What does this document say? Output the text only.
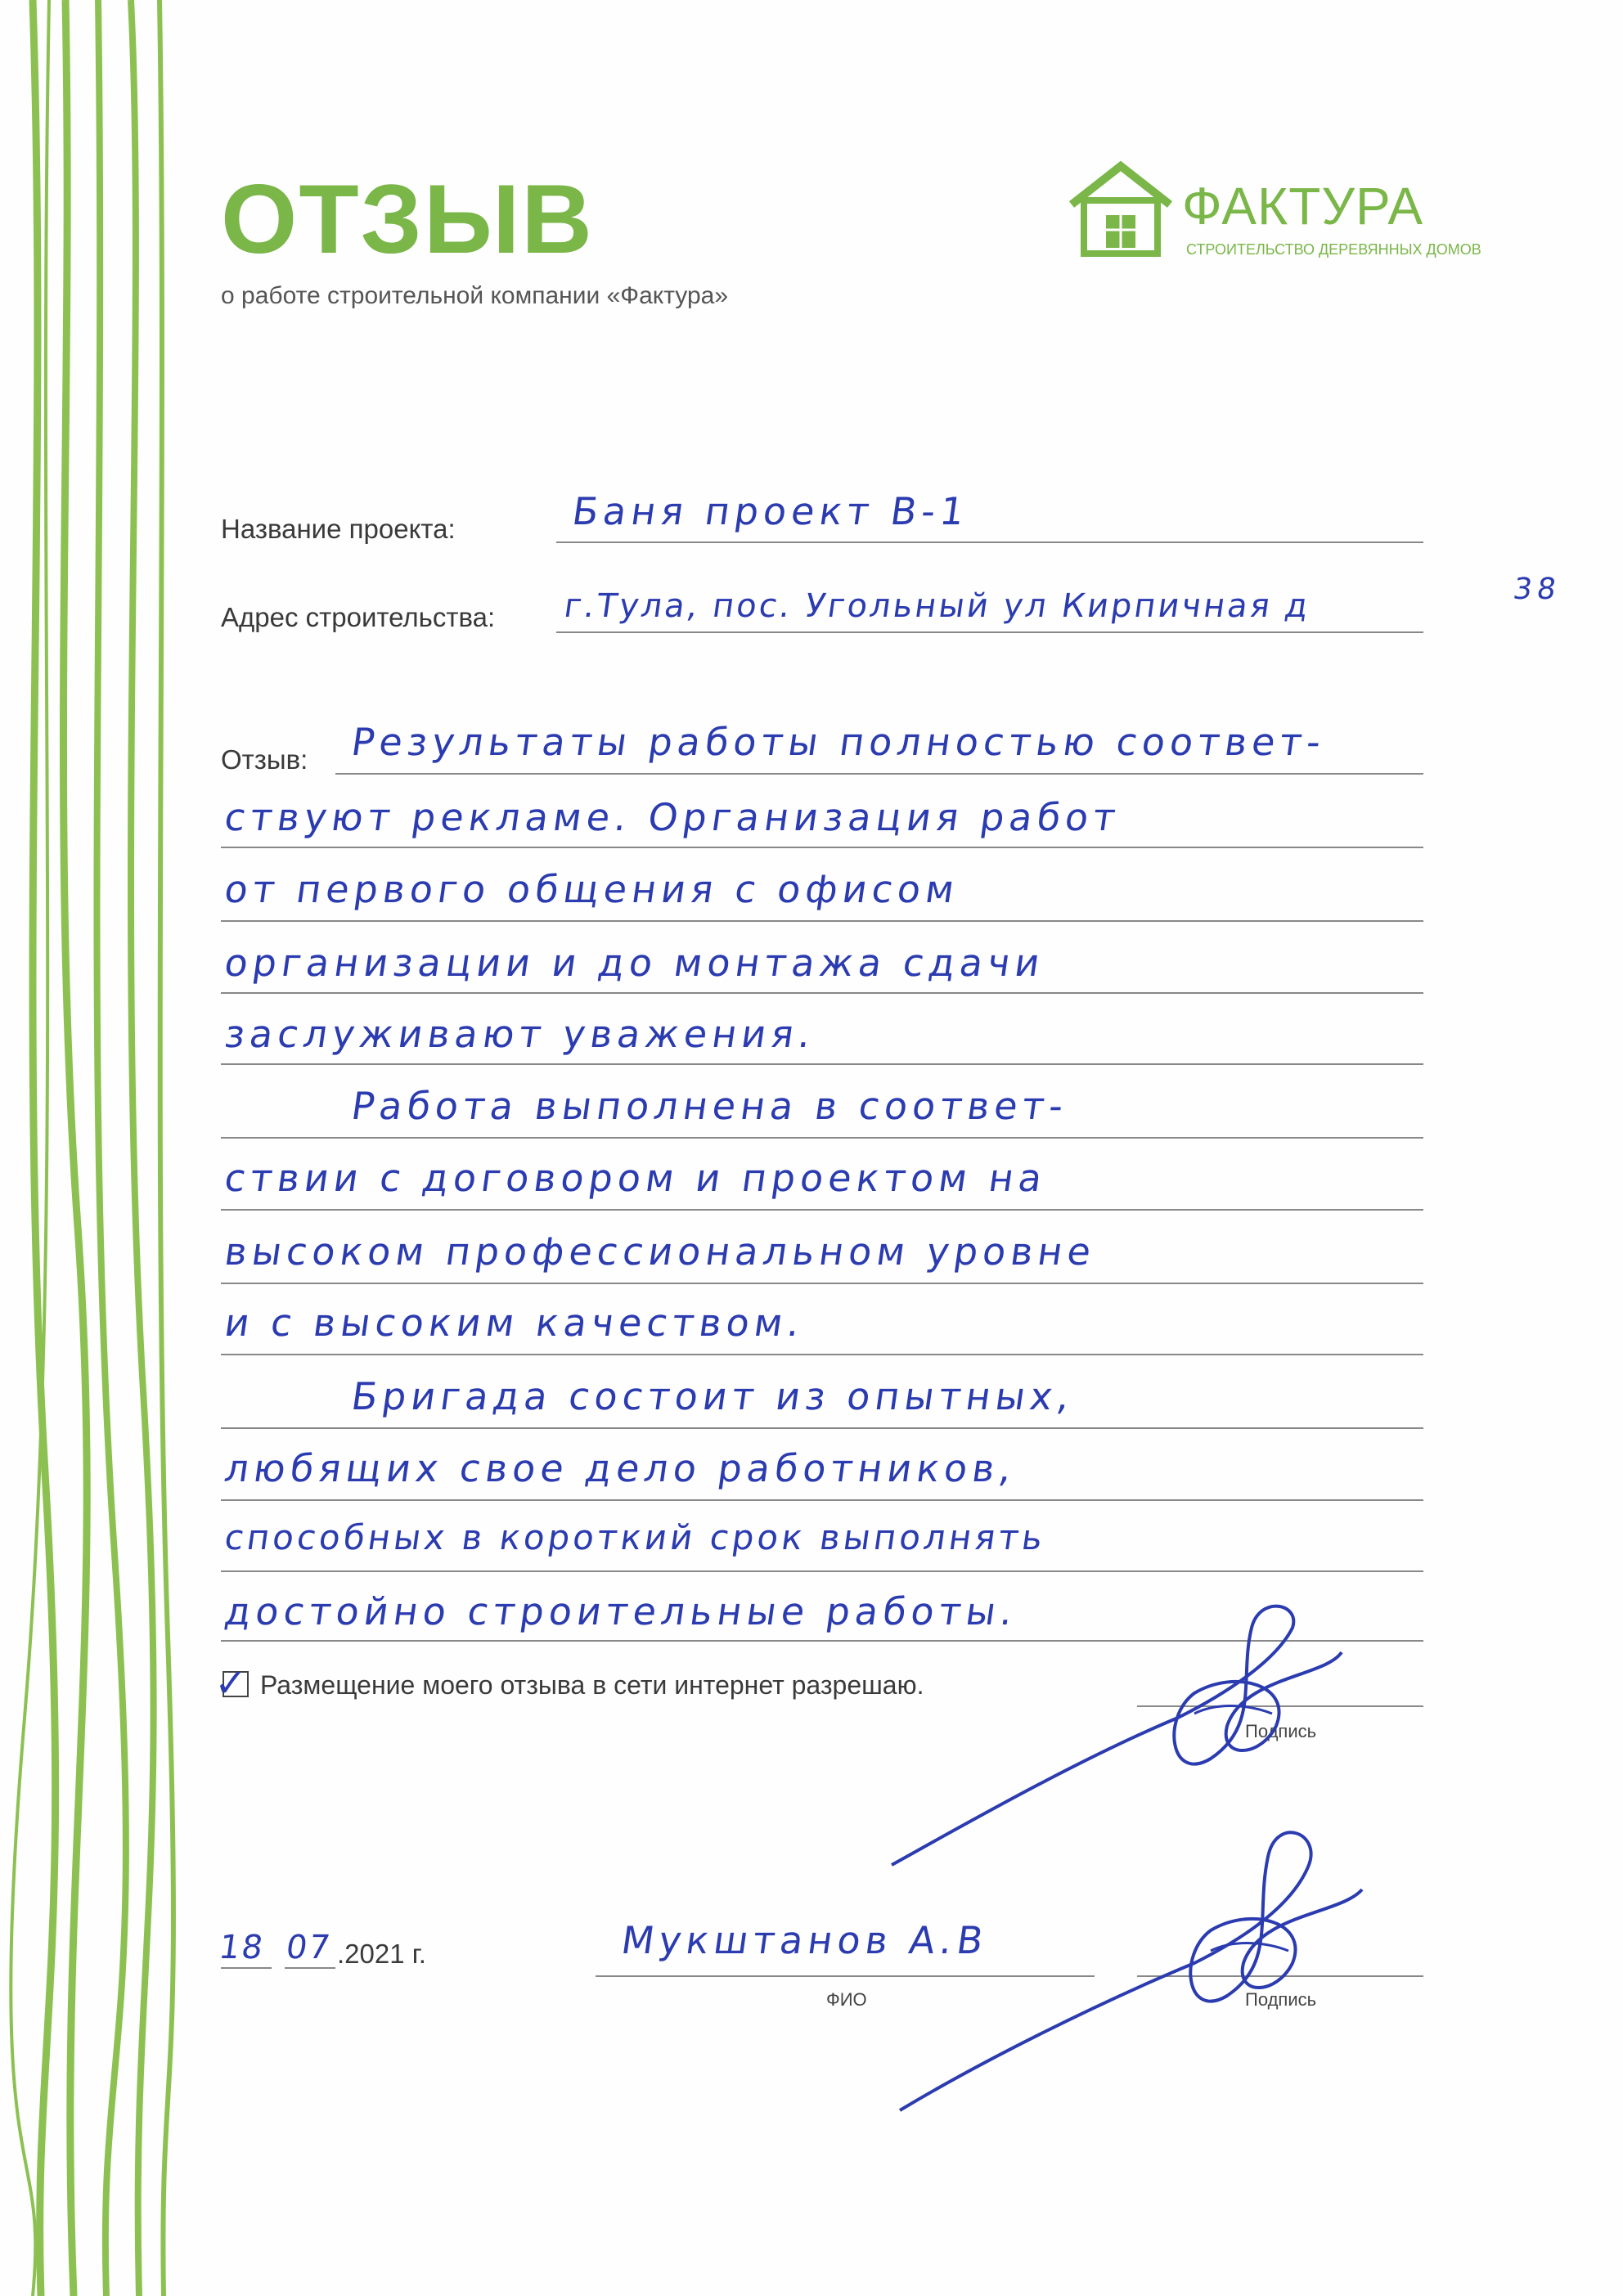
ОТЗЫВ
о работе строительной компании «Фактура»
ФАКТУРА
СТРОИТЕЛЬСТВО ДЕРЕВЯННЫХ ДОМОВ
Название проекта:	Баня проект В-1
Адрес строительства: г.Тула, пос. Угольный ул Кирпичная д	38
Отзыв: Результаты работы полностью соответ-
ствуют рекламе. Организация работ
от первого общения с офисом
организации и до монтажа сдачи
заслуживают уважения.
Работа выполнена в соответ-
ствии с договором и проектом на
высоком профессиональном уровне
и с высоким качеством.
Бригада состоит из опытных,
любящих свое дело работников,
способных в короткий срок выполнять
достойно строительные работы.
✓ Размещение моего отзыва в сети интернет разрешаю.
Подпись
18 07 .2021 г.	Мукштанов А.В
ФИО	Подпись
